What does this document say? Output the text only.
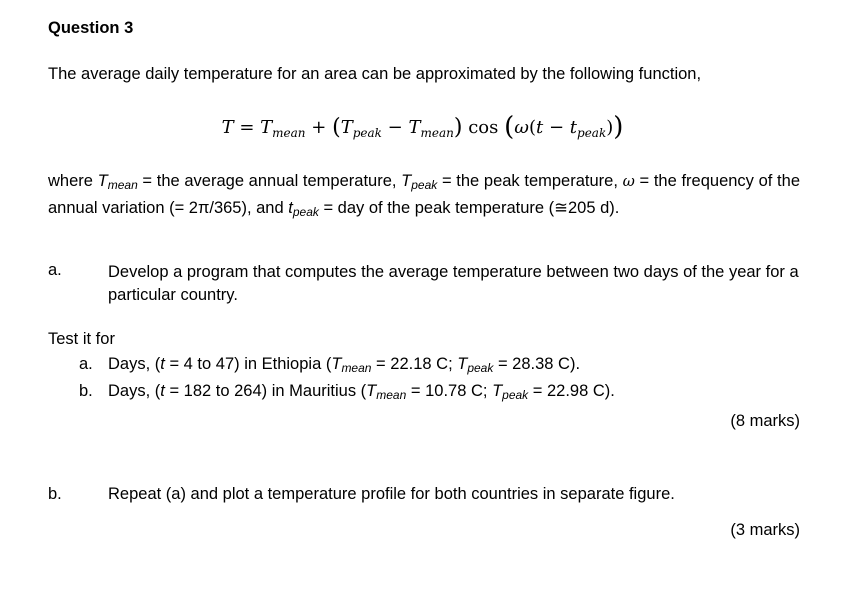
Question 3
The average daily temperature for an area can be approximated by the following function,
$T = T_{mean} + (T_{peak} - T_{mean})$ $\cos (\omega(t - t_{peak}))$
where $T_{mean}$ = the average annual temperature, $T_{peak}$ = the peak temperature, ω = the frequency of the annual variation (= 2π/365), and $t_{peak}$ = day of the peak temperature (≅205 d).
a.	Develop a program that computes the average temperature between two days of the year for a particular country.
Test it for
a. Days, (t = 4 to 47) in Ethiopia ($T_{mean} = 22.18$ C; $T_{peak} = 28.38$ C).
b. Days, (t = 182 to 264) in Mauritius ($T_{mean} = 10.78$ C; $T_{peak} = 22.98$ C).
(8 marks)
b.	Repeat (a) and plot a temperature profile for both countries in separate figure.
(3 marks)
